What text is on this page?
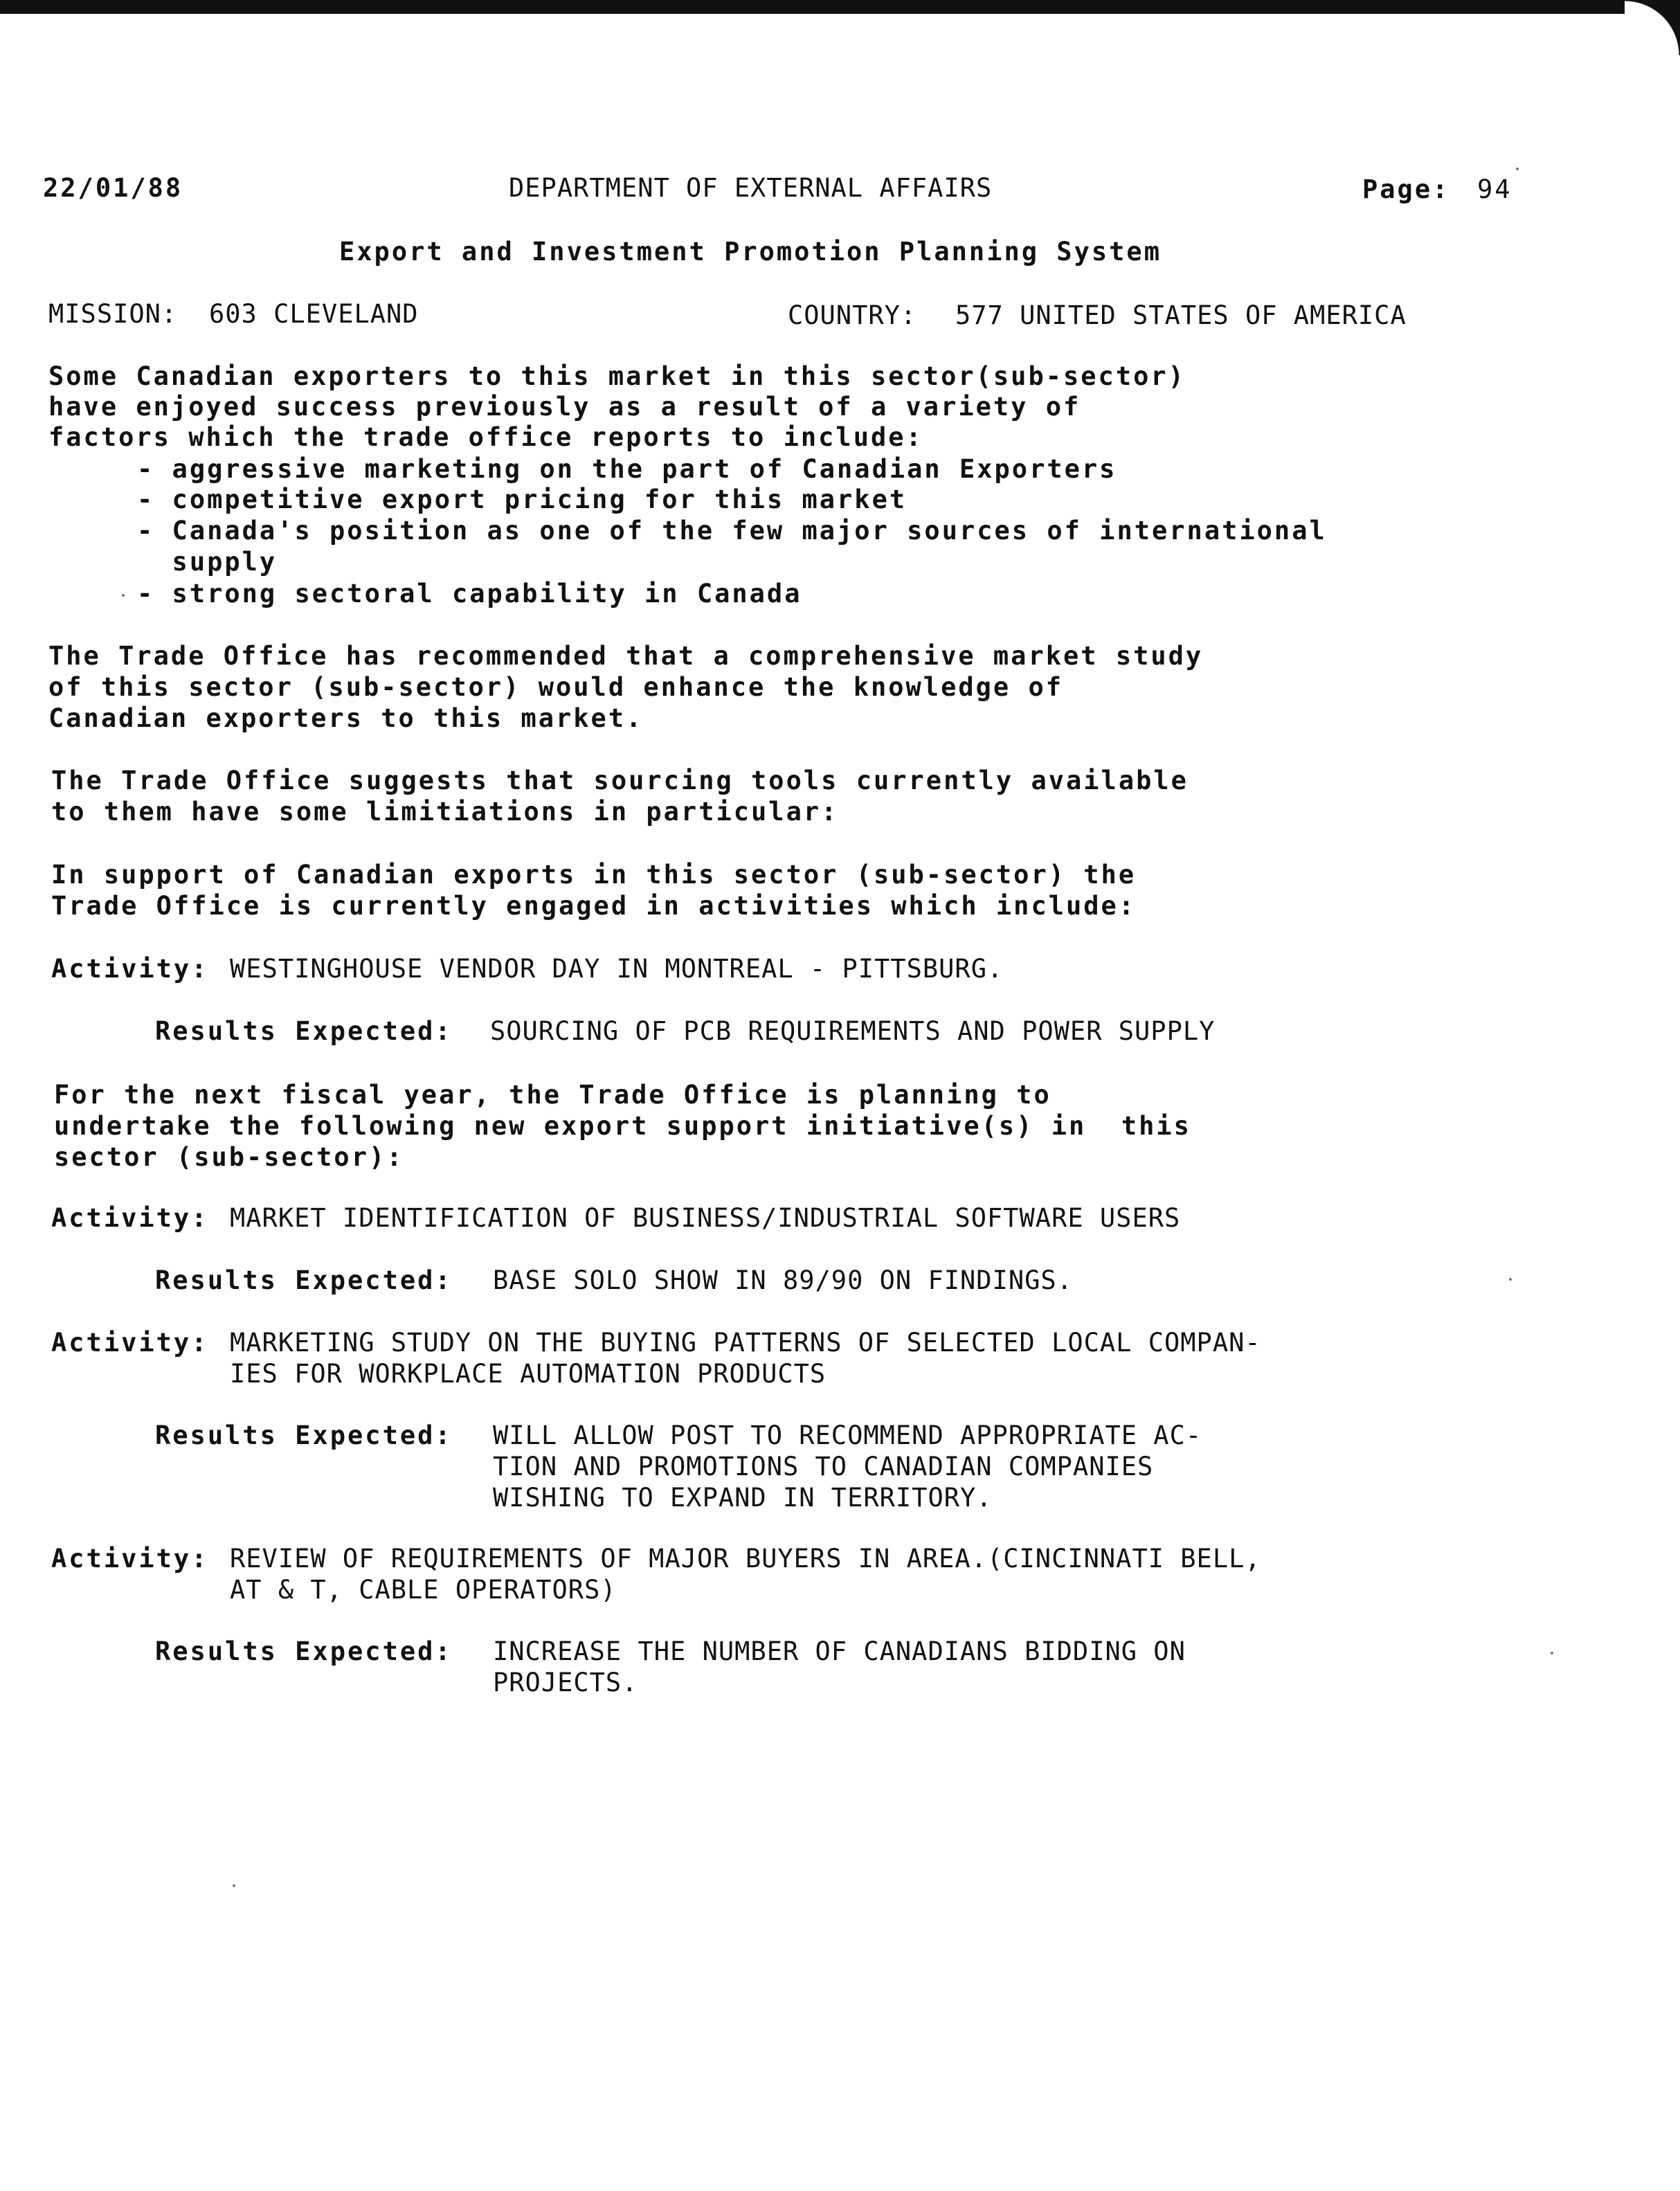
22/01/88	DEPARTMENT OF EXTERNAL AFFAIRS	Page: 94
Export and Investment Promotion Planning System
MISSION: 603 CLEVELAND	COUNTRY: 577 UNITED STATES OF AMERICA
Some Canadian exporters to this market in this sector(sub-sector)
have enjoyed success previously as a result of a variety of
factors which the trade office reports to include:
- aggressive marketing on the part of Canadian Exporters
- competitive export pricing for this market
- Canada's position as one of the few major sources of international
supply
- strong sectoral capability in Canada
The Trade Office has recommended that a comprehensive market study
of this sector (sub-sector) would enhance the knowledge of
Canadian exporters to this market.
The Trade Office suggests that sourcing tools currently available
to them have some limitiations in particular:
In support of Canadian exports in this sector (sub-sector) the
Trade Office is currently engaged in activities which include:
Activity: WESTINGHOUSE VENDOR DAY IN MONTREAL - PITTSBURG.
Results Expected: SOURCING OF PCB REQUIREMENTS AND POWER SUPPLY
For the next fiscal year, the Trade Office is planning to
undertake the following new export support initiative(s) in  this
sector (sub-sector):
Activity: MARKET IDENTIFICATION OF BUSINESS/INDUSTRIAL SOFTWARE USERS
Results Expected: BASE SOLO SHOW IN 89/90 ON FINDINGS.
Activity: MARKETING STUDY ON THE BUYING PATTERNS OF SELECTED LOCAL COMPAN-
IES FOR WORKPLACE AUTOMATION PRODUCTS
Results Expected: WILL ALLOW POST TO RECOMMEND APPROPRIATE AC-
TION AND PROMOTIONS TO CANADIAN COMPANIES
WISHING TO EXPAND IN TERRITORY.
Activity: REVIEW OF REQUIREMENTS OF MAJOR BUYERS IN AREA.(CINCINNATI BELL,
AT & T, CABLE OPERATORS)
Results Expected: INCREASE THE NUMBER OF CANADIANS BIDDING ON
PROJECTS.
